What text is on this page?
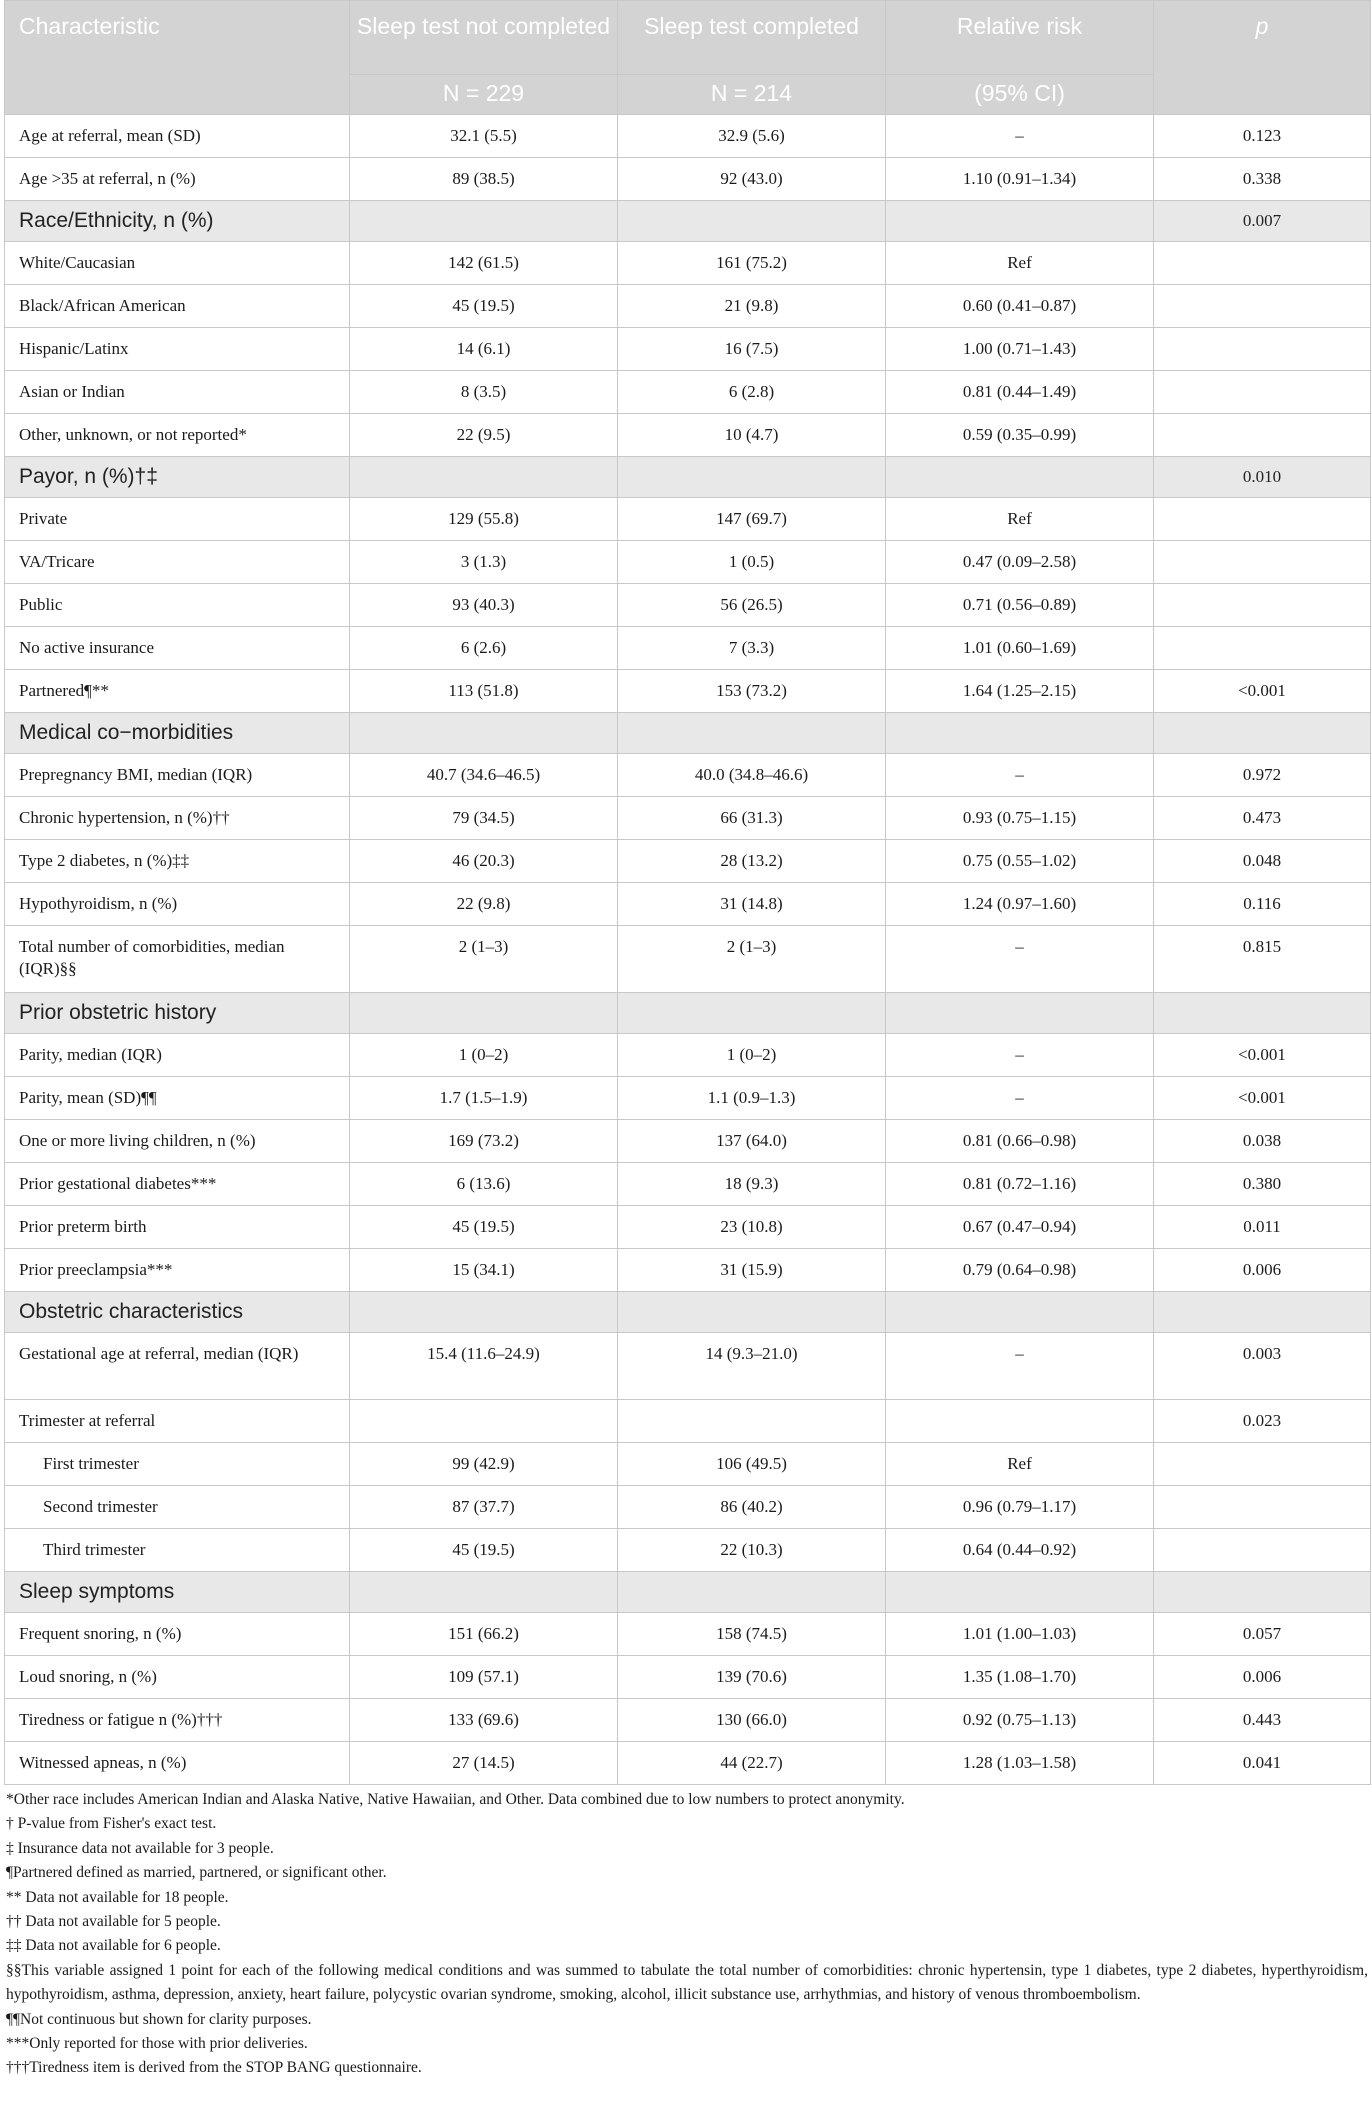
Characteristic	Sleep test not completed	Sleep test completed	Relative risk	p
	N = 229	N = 214	(95% CI)	
Age at referral, mean (SD)	32.1 (5.5)	32.9 (5.6)	–	0.123
Age >35 at referral, n (%)	89 (38.5)	92 (43.0)	1.10 (0.91–1.34)	0.338
Race/Ethnicity, n (%)				0.007
White/Caucasian	142 (61.5)	161 (75.2)	Ref	
Black/African American	45 (19.5)	21 (9.8)	0.60 (0.41–0.87)	
Hispanic/Latinx	14 (6.1)	16 (7.5)	1.00 (0.71–1.43)	
Asian or Indian	8 (3.5)	6 (2.8)	0.81 (0.44–1.49)	
Other, unknown, or not reported*	22 (9.5)	10 (4.7)	0.59 (0.35–0.99)	
Payor, n (%)†‡				0.010
Private	129 (55.8)	147 (69.7)	Ref	
VA/Tricare	3 (1.3)	1 (0.5)	0.47 (0.09–2.58)	
Public	93 (40.3)	56 (26.5)	0.71 (0.56–0.89)	
No active insurance	6 (2.6)	7 (3.3)	1.01 (0.60–1.69)	
Partnered¶**	113 (51.8)	153 (73.2)	1.64 (1.25–2.15)	<0.001
Medical co−morbidities				
Prepregnancy BMI, median (IQR)	40.7 (34.6–46.5)	40.0 (34.8–46.6)	–	0.972
Chronic hypertension, n (%)††	79 (34.5)	66 (31.3)	0.93 (0.75–1.15)	0.473
Type 2 diabetes, n (%)‡‡	46 (20.3)	28 (13.2)	0.75 (0.55–1.02)	0.048
Hypothyroidism, n (%)	22 (9.8)	31 (14.8)	1.24 (0.97–1.60)	0.116
Total number of comorbidities, median (IQR)§§	2 (1–3)	2 (1–3)	–	0.815
Prior obstetric history				
Parity, median (IQR)	1 (0–2)	1 (0–2)	–	<0.001
Parity, mean (SD)¶¶	1.7 (1.5–1.9)	1.1 (0.9–1.3)	–	<0.001
One or more living children, n (%)	169 (73.2)	137 (64.0)	0.81 (0.66–0.98)	0.038
Prior gestational diabetes***	6 (13.6)	18 (9.3)	0.81 (0.72–1.16)	0.380
Prior preterm birth	45 (19.5)	23 (10.8)	0.67 (0.47–0.94)	0.011
Prior preeclampsia***	15 (34.1)	31 (15.9)	0.79 (0.64–0.98)	0.006
Obstetric characteristics				
Gestational age at referral, median (IQR)	15.4 (11.6–24.9)	14 (9.3–21.0)	–	0.003
Trimester at referral				0.023
First trimester	99 (42.9)	106 (49.5)	Ref	
Second trimester	87 (37.7)	86 (40.2)	0.96 (0.79–1.17)	
Third trimester	45 (19.5)	22 (10.3)	0.64 (0.44–0.92)	
Sleep symptoms				
Frequent snoring, n (%)	151 (66.2)	158 (74.5)	1.01 (1.00–1.03)	0.057
Loud snoring, n (%)	109 (57.1)	139 (70.6)	1.35 (1.08–1.70)	0.006
Tiredness or fatigue n (%)†††	133 (69.6)	130 (66.0)	0.92 (0.75–1.13)	0.443
Witnessed apneas, n (%)	27 (14.5)	44 (22.7)	1.28 (1.03–1.58)	0.041

*Other race includes American Indian and Alaska Native, Native Hawaiian, and Other. Data combined due to low numbers to protect anonymity.

† P-value from Fisher's exact test.

‡ Insurance data not available for 3 people.

¶Partnered defined as married, partnered, or significant other.

** Data not available for 18 people.

†† Data not available for 5 people.

‡‡ Data not available for 6 people.

§§This variable assigned 1 point for each of the following medical conditions and was summed to tabulate the total number of comorbidities: chronic hypertensin, type 1 diabetes, type 2 diabetes, hyperthyroidism, hypothyroidism, asthma, depression, anxiety, heart failure, polycystic ovarian syndrome, smoking, alcohol, illicit substance use, arrhythmias, and history of venous thromboembolism.

¶¶Not continuous but shown for clarity purposes.

***Only reported for those with prior deliveries.

†††Tiredness item is derived from the STOP BANG questionnaire.
